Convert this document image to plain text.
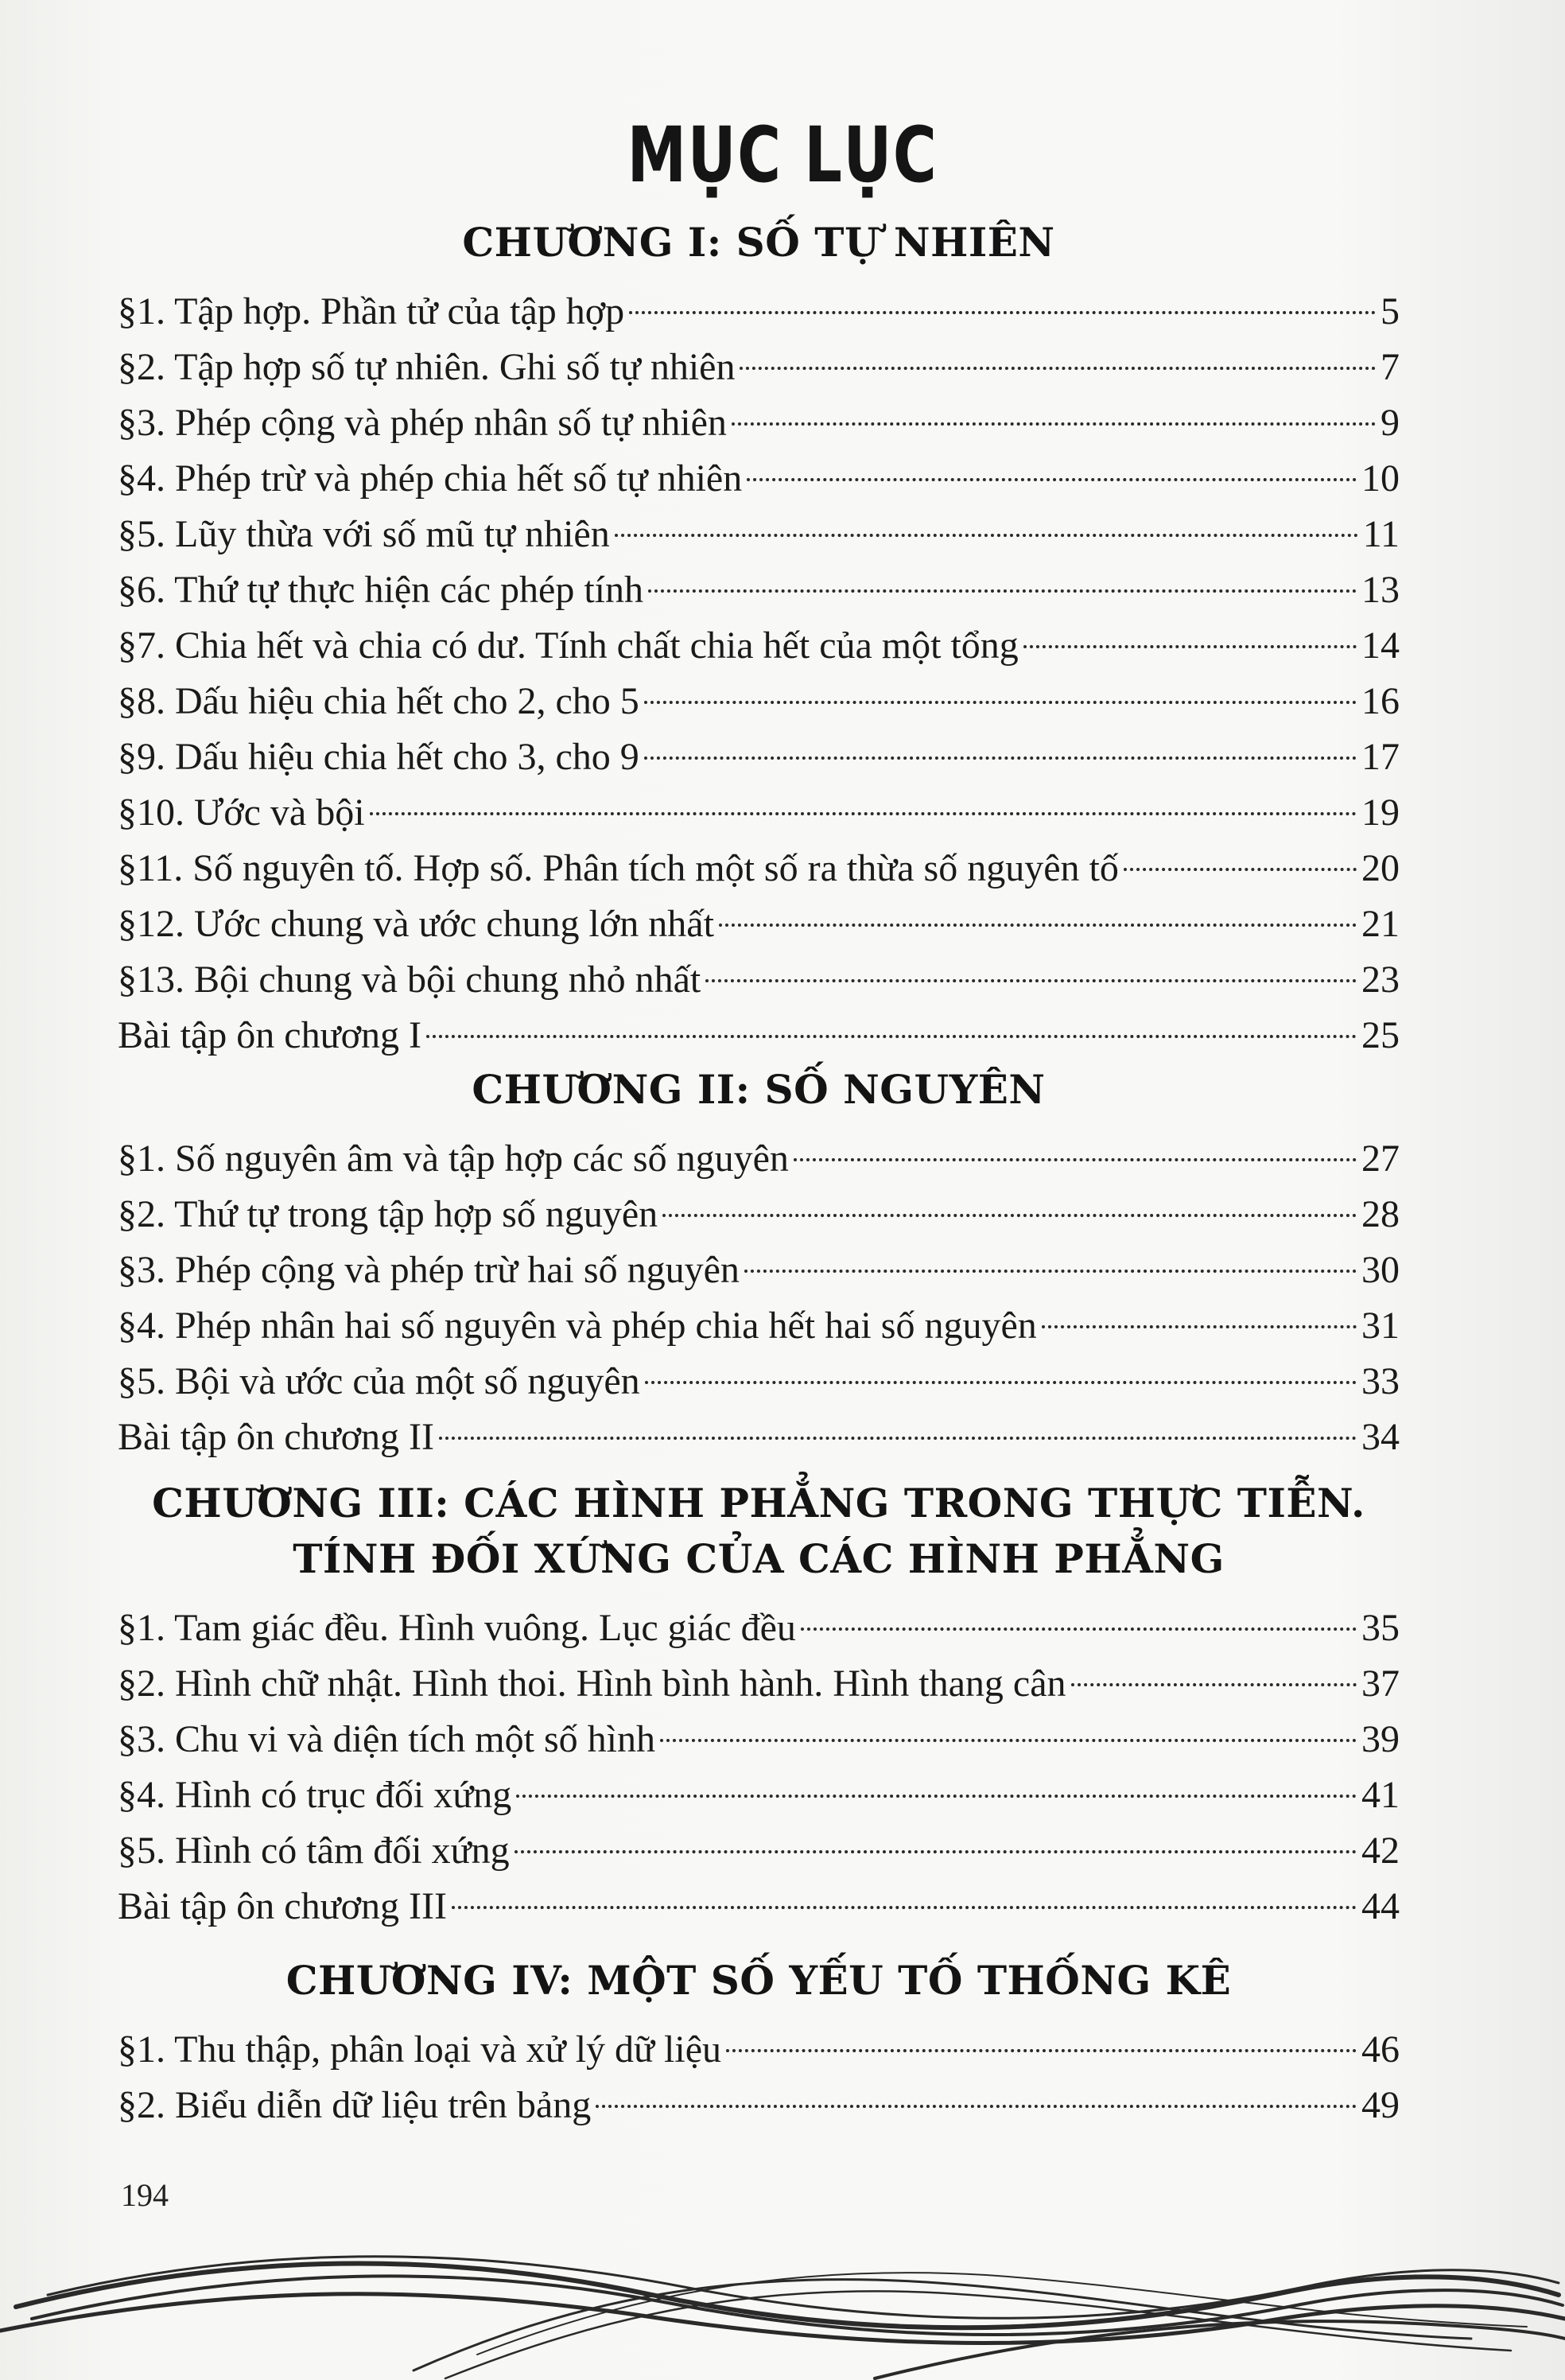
MỤC LỤC
CHƯƠNG I: SỐ TỰ NHIÊN
§1. Tập hợp. Phần tử của tập hợp	5
§2. Tập hợp số tự nhiên. Ghi số tự nhiên	7
§3. Phép cộng và phép nhân số tự nhiên	9
§4. Phép trừ và phép chia hết số tự nhiên	10
§5. Lũy thừa với số mũ tự nhiên	11
§6. Thứ tự thực hiện các phép tính	13
§7. Chia hết và chia có dư. Tính chất chia hết của một tổng	14
§8. Dấu hiệu chia hết cho 2, cho 5	16
§9. Dấu hiệu chia hết cho 3, cho 9	17
§10. Ước và bội	19
§11. Số nguyên tố. Hợp số. Phân tích một số ra thừa số nguyên tố	20
§12. Ước chung và ước chung lớn nhất	21
§13. Bội chung và bội chung nhỏ nhất	23
Bài tập ôn chương I	25
CHƯƠNG II: SỐ NGUYÊN
§1. Số nguyên âm và tập hợp các số nguyên	27
§2. Thứ tự trong tập hợp số nguyên	28
§3. Phép cộng và phép trừ hai số nguyên	30
§4. Phép nhân hai số nguyên và phép chia hết hai số nguyên	31
§5. Bội và ước của một số nguyên	33
Bài tập ôn chương II	34
CHƯƠNG III: CÁC HÌNH PHẲNG TRONG THỰC TIỄN.
TÍNH ĐỐI XỨNG CỦA CÁC HÌNH PHẲNG
§1. Tam giác đều. Hình vuông. Lục giác đều	35
§2. Hình chữ nhật. Hình thoi. Hình bình hành. Hình thang cân	37
§3. Chu vi và diện tích một số hình	39
§4. Hình có trục đối xứng	41
§5. Hình có tâm đối xứng	42
Bài tập ôn chương III	44
CHƯƠNG IV: MỘT SỐ YẾU TỐ THỐNG KÊ
§1. Thu thập, phân loại và xử lý dữ liệu	46
§2. Biểu diễn dữ liệu trên bảng	49
194
